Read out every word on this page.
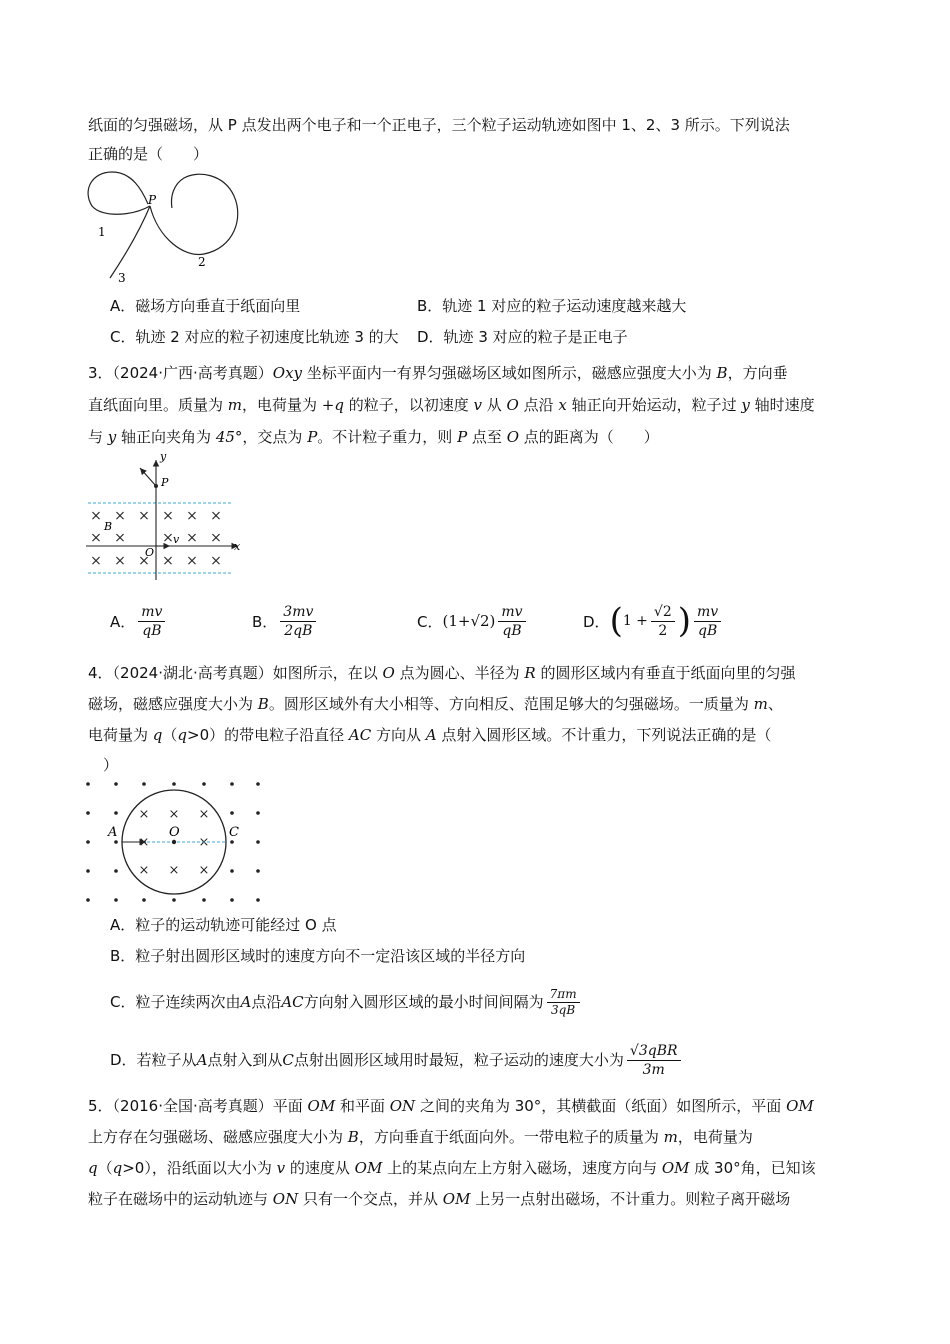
纸面的匀强磁场，从 P 点发出两个电子和一个正电子，三个粒子运动轨迹如图中 1、2、3 所示。下列说法
正确的是（　　）
P
1
2
3
A．磁场方向垂直于纸面向里	B．轨迹 1 对应的粒子运动速度越来越大
C．轨迹 2 对应的粒子初速度比轨迹 3 的大 D．轨迹 3 对应的粒子是正电子
3．（2024·广西·高考真题）Oxy 坐标平面内一有界匀强磁场区域如图所示，磁感应强度大小为 B，方向垂
直纸面向里。质量为 m，电荷量为 +q 的粒子，以初速度 v 从 O 点沿 x 轴正向开始运动，粒子过 y 轴时速度
与 y 轴正向夹角为 45°，交点为 P。不计粒子重力，则 P 点至 O 点的距离为（　　）
y
x
P
B
O
v
× × × × × ×
× ×	× × ×
× × × × × ×
A． $\frac{mv}{qB}$	B． $\frac{3mv}{2qB}$	C． $(1+√2) \frac{mv}{qB}$	D． ( $1 + \frac{√2}{2}$ ) $\frac{mv}{qB}$
4．（2024·湖北·高考真题）如图所示，在以 O 点为圆心、半径为 R 的圆形区域内有垂直于纸面向里的匀强
磁场，磁感应强度大小为 B。圆形区域外有大小相等、方向相反、范围足够大的匀强磁场。一质量为 m、
电荷量为 q（q>0）的带电粒子沿直径 AC 方向从 A 点射入圆形区域。不计重力，下列说法正确的是（
　）
× × ×
×	×
× × ×
A	O	C
A．粒子的运动轨迹可能经过 O 点
B．粒子射出圆形区域时的速度方向不一定沿该区域的半径方向
C．粒子连续两次由 A 点沿 AC 方向射入圆形区域的最小时间间隔为 $\frac{7\pi m}{3qB}$
D．若粒子从 A 点射入到从 C 点射出圆形区域用时最短，粒子运动的速度大小为 $\frac{\text{√3qBR}}{3m}$
5．（2016·全国·高考真题）平面 OM 和平面 ON 之间的夹角为 30°，其横截面（纸面）如图所示，平面 OM
上方存在匀强磁场、磁感应强度大小为 B，方向垂直于纸面向外。一带电粒子的质量为 m，电荷量为
q（q>0），沿纸面以大小为 v 的速度从 OM 上的某点向左上方射入磁场，速度方向与 OM 成 30°角，已知该
粒子在磁场中的运动轨迹与 ON 只有一个交点，并从 OM 上另一点射出磁场，不计重力。则粒子离开磁场
